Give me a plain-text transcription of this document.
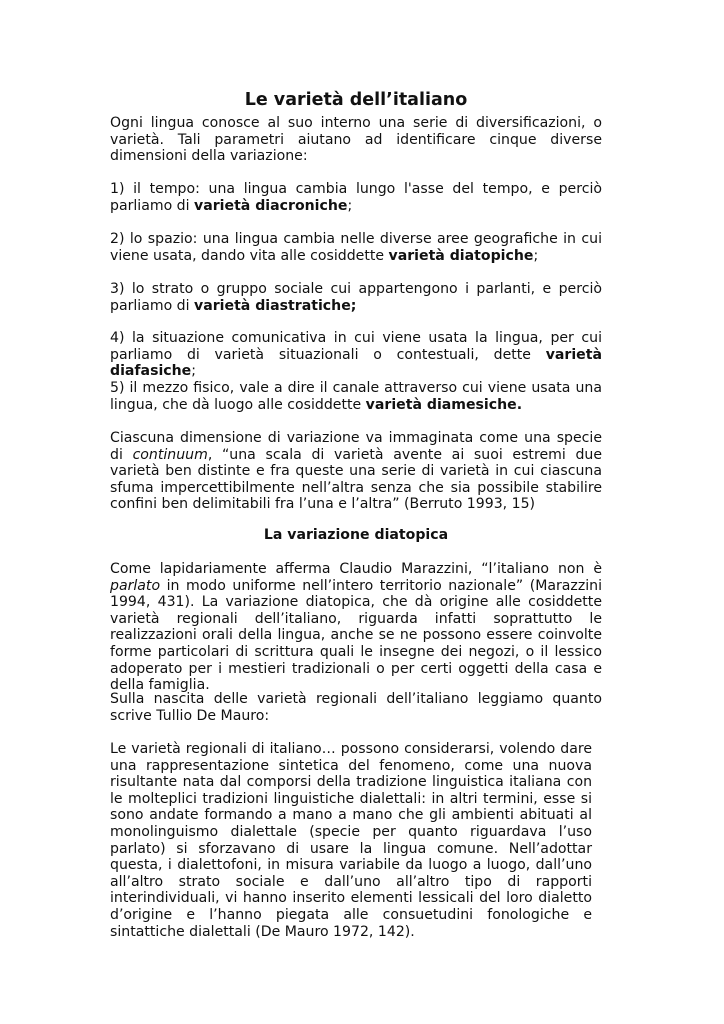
Le varietà dell’italiano

Ogni lingua conosce al suo interno una serie di diversificazioni, o varietà. Tali parametri aiutano ad identificare cinque diverse dimensioni della variazione:

1) il tempo: una lingua cambia lungo l'asse del tempo, e perciò parliamo di varietà diacroniche;

2) lo spazio: una lingua cambia nelle diverse aree geografiche in cui viene usata, dando vita alle cosiddette varietà diatopiche;

3) lo strato o gruppo sociale cui appartengono i parlanti, e perciò parliamo di varietà diastratiche;

4) la situazione comunicativa in cui viene usata la lingua, per cui parliamo di varietà situazionali o contestuali, dette varietà diafasiche;

5) il mezzo fisico, vale a dire il canale attraverso cui viene usata una lingua, che dà luogo alle cosiddette varietà diamesiche.

Ciascuna dimensione di variazione va immaginata come una specie di continuum, “una scala di varietà avente ai suoi estremi due varietà ben distinte e fra queste una serie di varietà in cui ciascuna sfuma impercettibilmente nell’altra senza che sia possibile stabilire confini ben delimitabili fra l’una e l’altra” (Berruto 1993, 15)

La variazione diatopica

Come lapidariamente afferma Claudio Marazzini, “l’italiano non è parlato in modo uniforme nell’intero territorio nazionale” (Marazzini 1994, 431). La variazione diatopica, che dà origine alle cosiddette varietà regionali dell’italiano, riguarda infatti soprattutto le realizzazioni orali della lingua, anche se ne possono essere coinvolte forme particolari di scrittura quali le insegne dei negozi, o il lessico adoperato per i mestieri tradizionali o per certi oggetti della casa e della famiglia.

Sulla nascita delle varietà regionali dell’italiano leggiamo quanto scrive Tullio De Mauro:

Le varietà regionali di italiano… possono considerarsi, volendo dare una rappresentazione sintetica del fenomeno, come una nuova risultante nata dal comporsi della tradizione linguistica italiana con le molteplici tradizioni linguistiche dialettali: in altri termini, esse si sono andate formando a mano a mano che gli ambienti abituati al monolinguismo dialettale (specie per quanto riguardava l’uso parlato) si sforzavano di usare la lingua comune. Nell’adottar questa, i dialettofoni, in misura variabile da luogo a luogo, dall’uno all’altro strato sociale e dall’uno all’altro tipo di rapporti interindividuali, vi hanno inserito elementi lessicali del loro dialetto d’origine e l’hanno piegata alle consuetudini fonologiche e sintattiche dialettali (De Mauro 1972, 142).
